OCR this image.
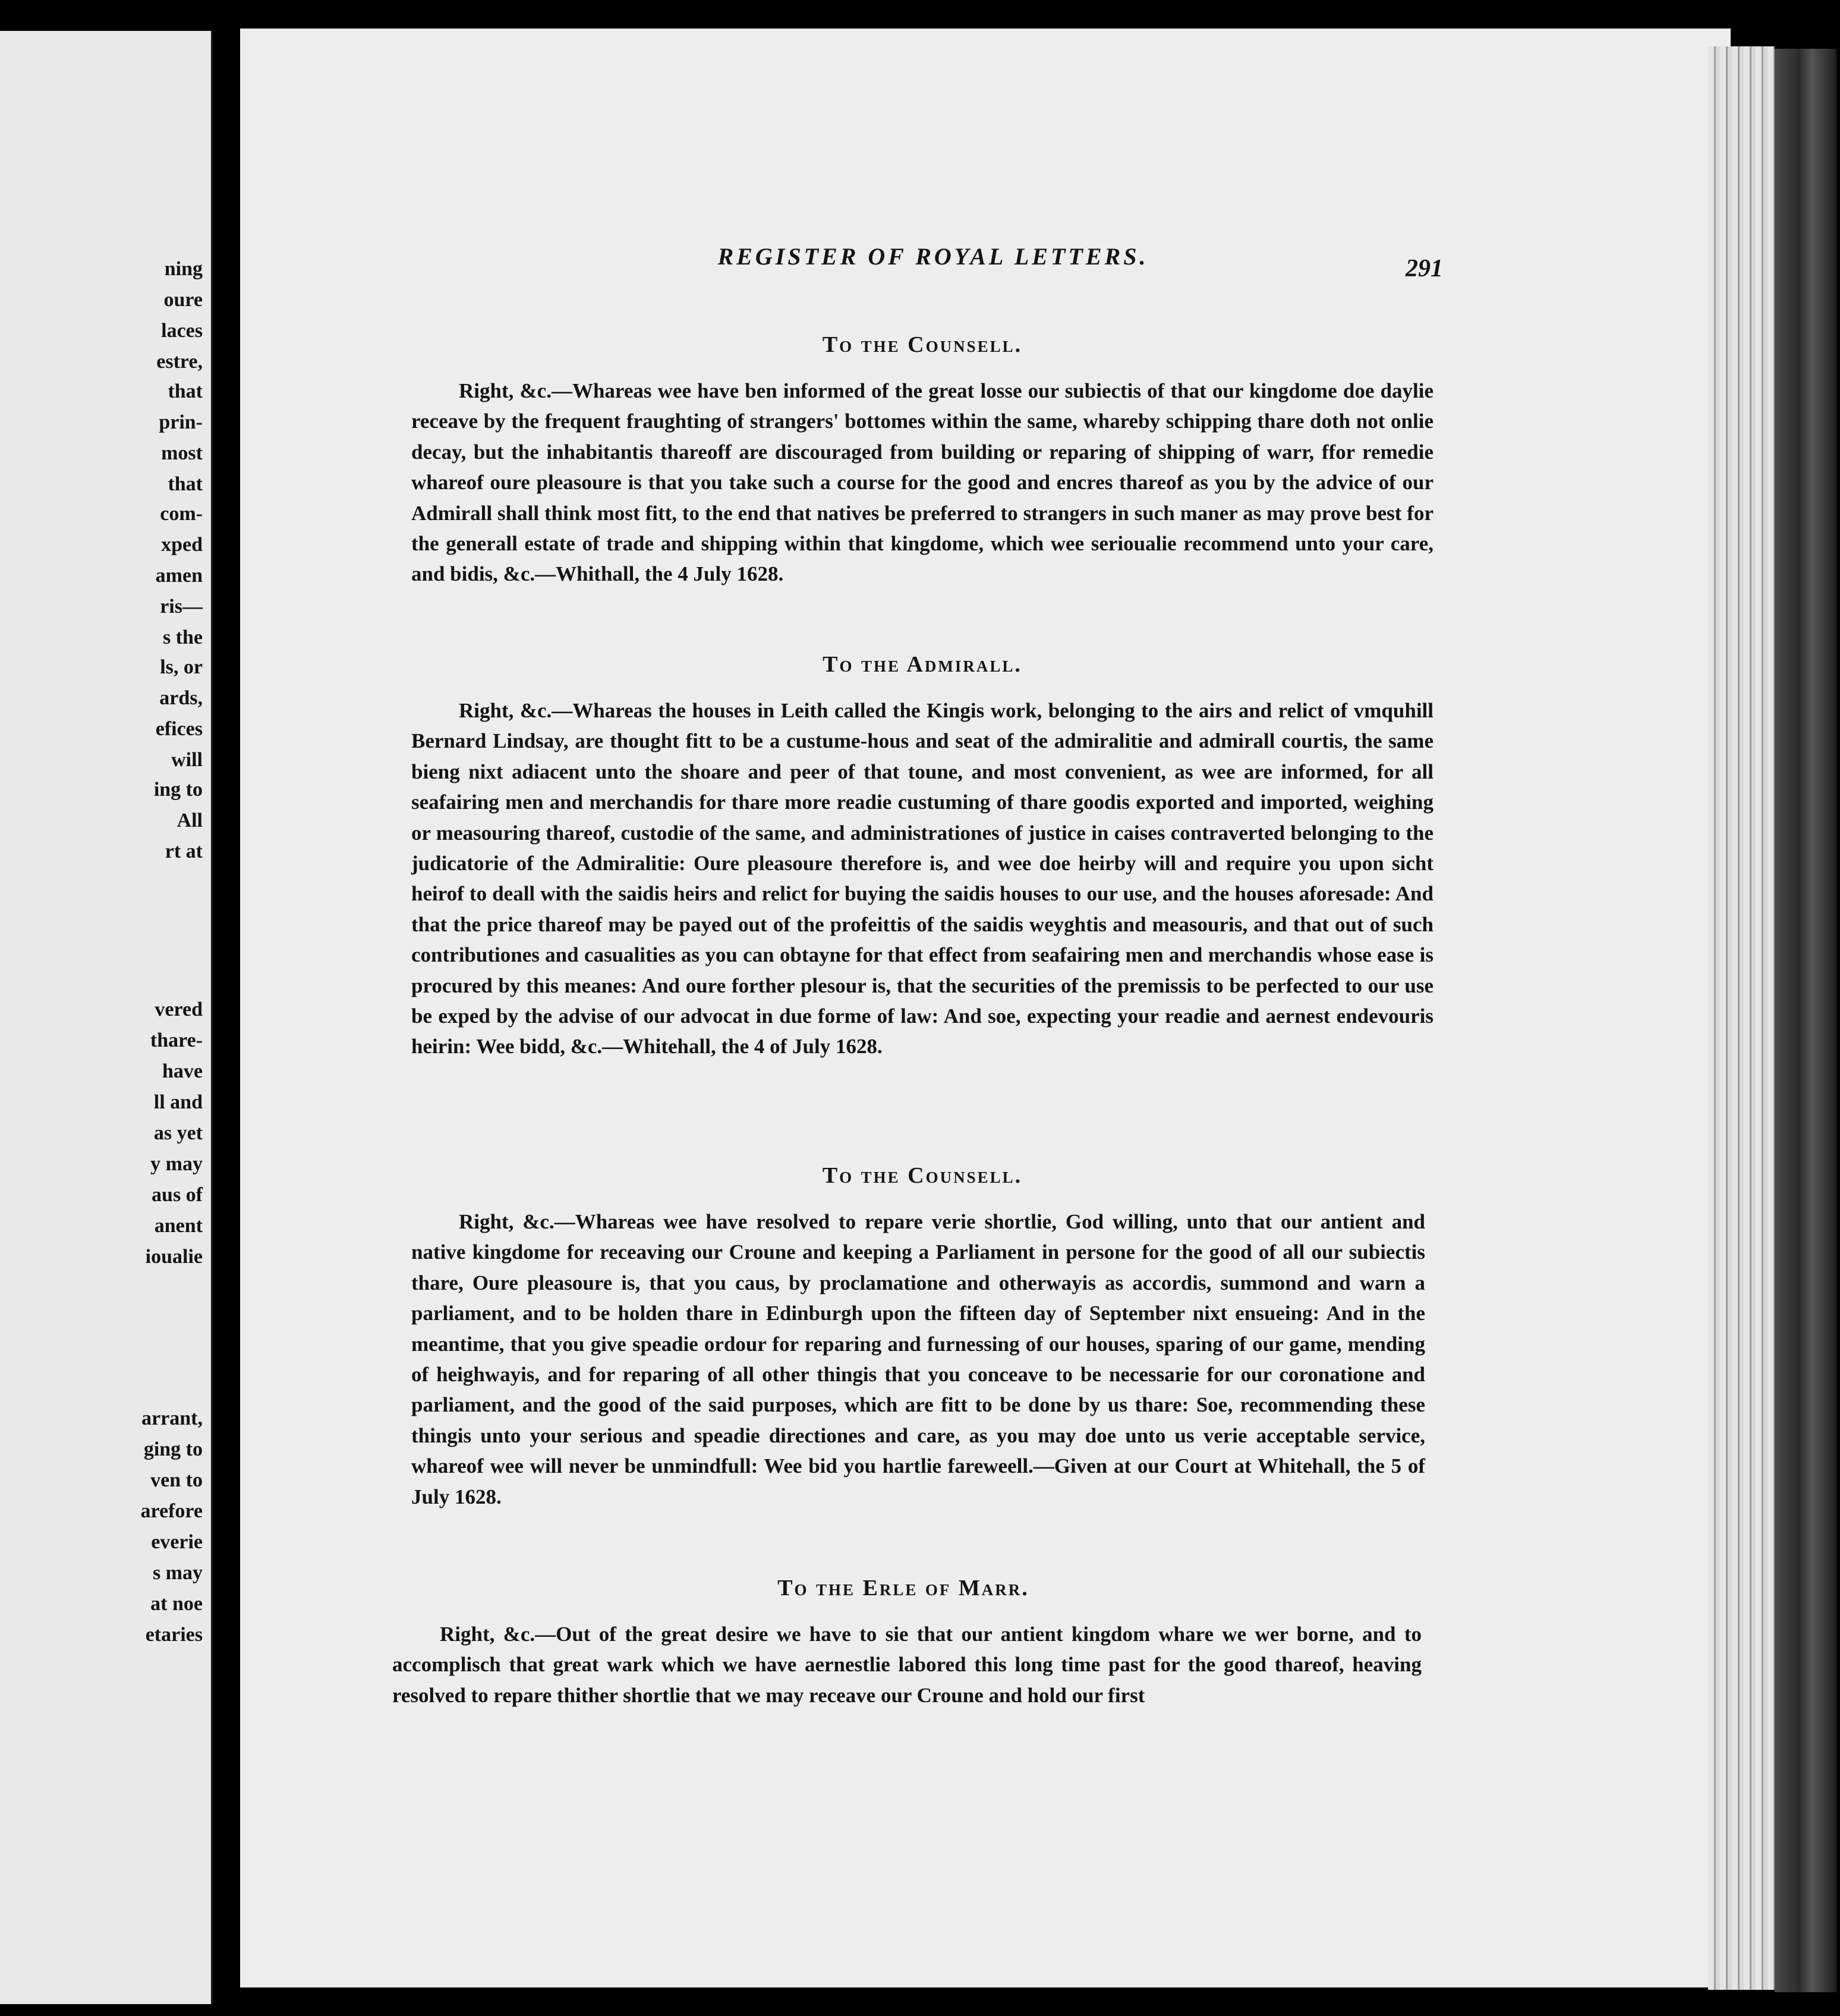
ning
oure
laces
estre,
that
prin-
most
that
com-
xped
amen
ris—
s the
ls, or
ards,
efices
will
ing to
All
rt at
vered
thare-
have
ll and
as yet
y may
aus of
anent
ioualie
arrant,
ging to
ven to
arefore
everie
s may
at noe
etaries
REGISTER OF ROYAL LETTERS.	291
To the Counsell.
Right, &c.—Whareas wee have ben informed of the great losse our subiectis of that our kingdome doe daylie receave by the frequent fraughting of strangers' bottomes within the same, whareby schipping thare doth not onlie decay, but the inhabitantis thareoff are discouraged from building or reparing of shipping of warr, ffor remedie whareof oure pleasoure is that you take such a course for the good and encres thareof as you by the advice of our Admirall shall think most fitt, to the end that natives be preferred to strangers in such maner as may prove best for the generall estate of trade and shipping within that kingdome, which wee serioualie recommend unto your care, and bidis, &c.—Whithall, the 4 July 1628.
To the Admirall.
Right, &c.—Whareas the houses in Leith called the Kingis work, belonging to the airs and relict of vmquhill Bernard Lindsay, are thought fitt to be a custume-hous and seat of the admiralitie and admirall courtis, the same bieng nixt adiacent unto the shoare and peer of that toune, and most convenient, as wee are informed, for all seafairing men and merchandis for thare more readie custuming of thare goodis exported and imported, weighing or measouring thareof, custodie of the same, and administrationes of justice in caises contraverted belonging to the judicatorie of the Admiralitie: Oure pleasoure therefore is, and wee doe heirby will and require you upon sicht heirof to deall with the saidis heirs and relict for buying the saidis houses to our use, and the houses aforesade: And that the price thareof may be payed out of the profeittis of the saidis weyghtis and measouris, and that out of such contributiones and casualities as you can obtayne for that effect from seafairing men and merchandis whose ease is procured by this meanes: And oure forther plesour is, that the securities of the premissis to be perfected to our use be exped by the advise of our advocat in due forme of law: And soe, expecting your readie and aernest endevouris heirin: Wee bidd, &c.—Whitehall, the 4 of July 1628.
To the Counsell.
Right, &c.—Whareas wee have resolved to repare verie shortlie, God willing, unto that our antient and native kingdome for receaving our Croune and keeping a Parliament in persone for the good of all our subiectis thare, Oure pleasoure is, that you caus, by proclamatione and otherwayis as accordis, summond and warn a parliament, and to be holden thare in Edinburgh upon the fifteen day of September nixt ensueing: And in the meantime, that you give speadie ordour for reparing and furnessing of our houses, sparing of our game, mending of heighwayis, and for reparing of all other thingis that you conceave to be necessarie for our coronatione and parliament, and the good of the said purposes, which are fitt to be done by us thare: Soe, recommending these thingis unto your serious and speadie directiones and care, as you may doe unto us verie acceptable service, whareof wee will never be unmindfull: Wee bid you hartlie fareweell.—Given at our Court at Whitehall, the 5 of July 1628.
To the Erle of Marr.
Right, &c.—Out of the great desire we have to sie that our antient kingdom whare we wer borne, and to accomplisch that great wark which we have aernestlie labored this long time past for the good thareof, heaving resolved to repare thither shortlie that we may receave our Croune and hold our first
